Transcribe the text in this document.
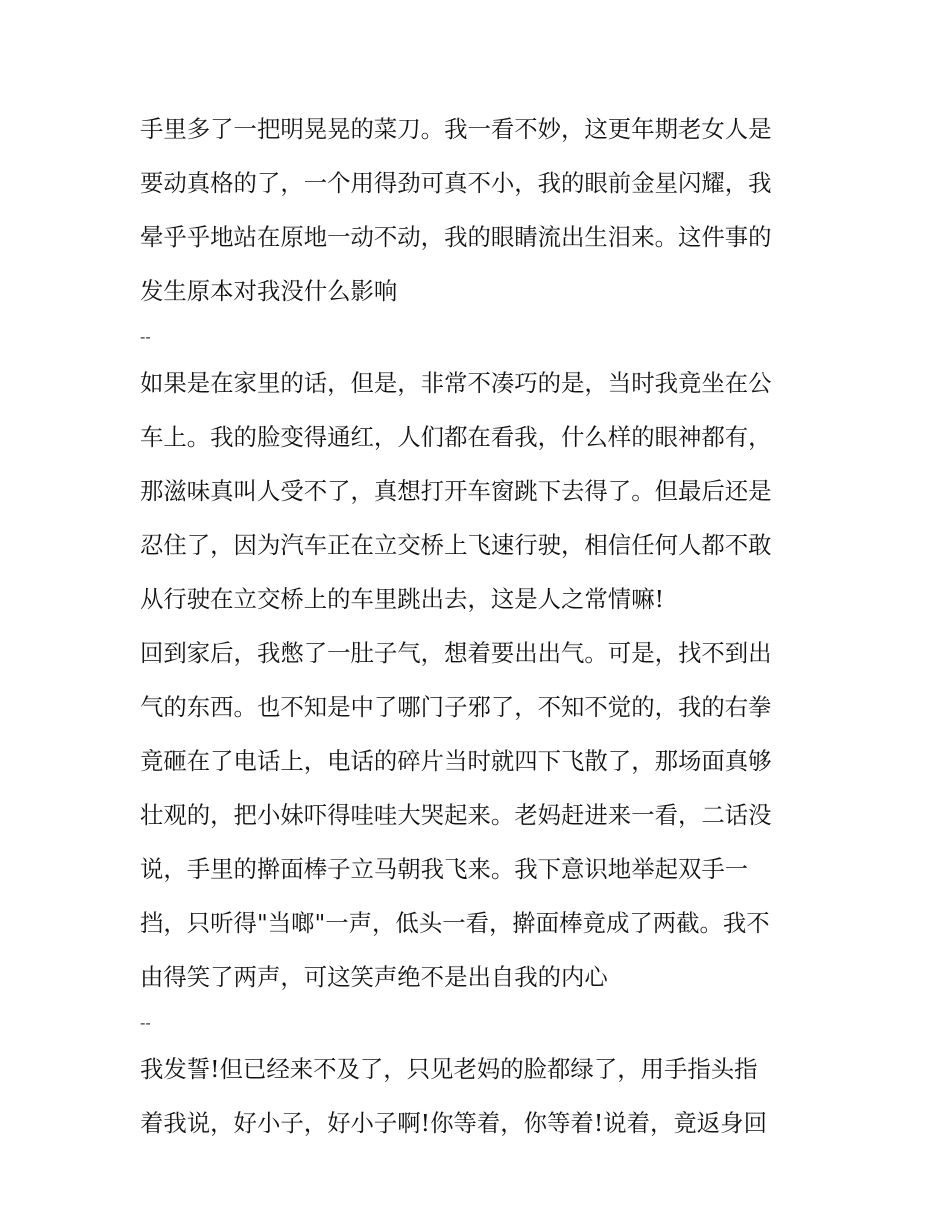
手里多了一把明晃晃的菜刀。我一看不妙，这更年期老女人是
要动真格的了，一个用得劲可真不小，我的眼前金星闪耀，我
晕乎乎地站在原地一动不动，我的眼睛流出生泪来。这件事的
发生原本对我没什么影响
--
如果是在家里的话，但是，非常不凑巧的是，当时我竟坐在公
车上。我的脸变得通红，人们都在看我，什么样的眼神都有，
那滋味真叫人受不了，真想打开车窗跳下去得了。但最后还是
忍住了，因为汽车正在立交桥上飞速行驶，相信任何人都不敢
从行驶在立交桥上的车里跳出去，这是人之常情嘛!
回到家后，我憋了一肚子气，想着要出出气。可是，找不到出
气的东西。也不知是中了哪门子邪了，不知不觉的，我的右拳
竟砸在了电话上，电话的碎片当时就四下飞散了，那场面真够
壮观的，把小妹吓得哇哇大哭起来。老妈赶进来一看，二话没
说，手里的擀面棒子立马朝我飞来。我下意识地举起双手一
挡，只听得"当啷"一声，低头一看，擀面棒竟成了两截。我不
由得笑了两声，可这笑声绝不是出自我的内心
--
我发誓!但已经来不及了，只见老妈的脸都绿了，用手指头指
着我说，好小子，好小子啊!你等着，你等着!说着，竟返身回
